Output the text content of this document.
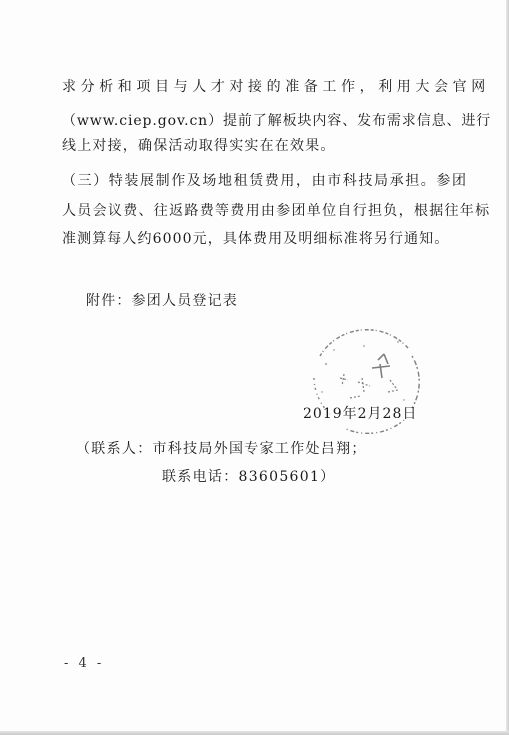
求分析和项目与人才对接的准备工作，利用大会官网
（www.ciep.gov.cn）提前了解板块内容、发布需求信息、进行
线上对接，确保活动取得实实在在效果。
（三）特装展制作及场地租赁费用，由市科技局承担。参团
人员会议费、往返路费等费用由参团单位自行担负，根据往年标
准测算每人约6000元，具体费用及明细标准将另行通知。
附件：参团人员登记表
2019年2月28日
（联系人：市科技局外国专家工作处吕翔；
联系电话：83605601）
- 4 -
